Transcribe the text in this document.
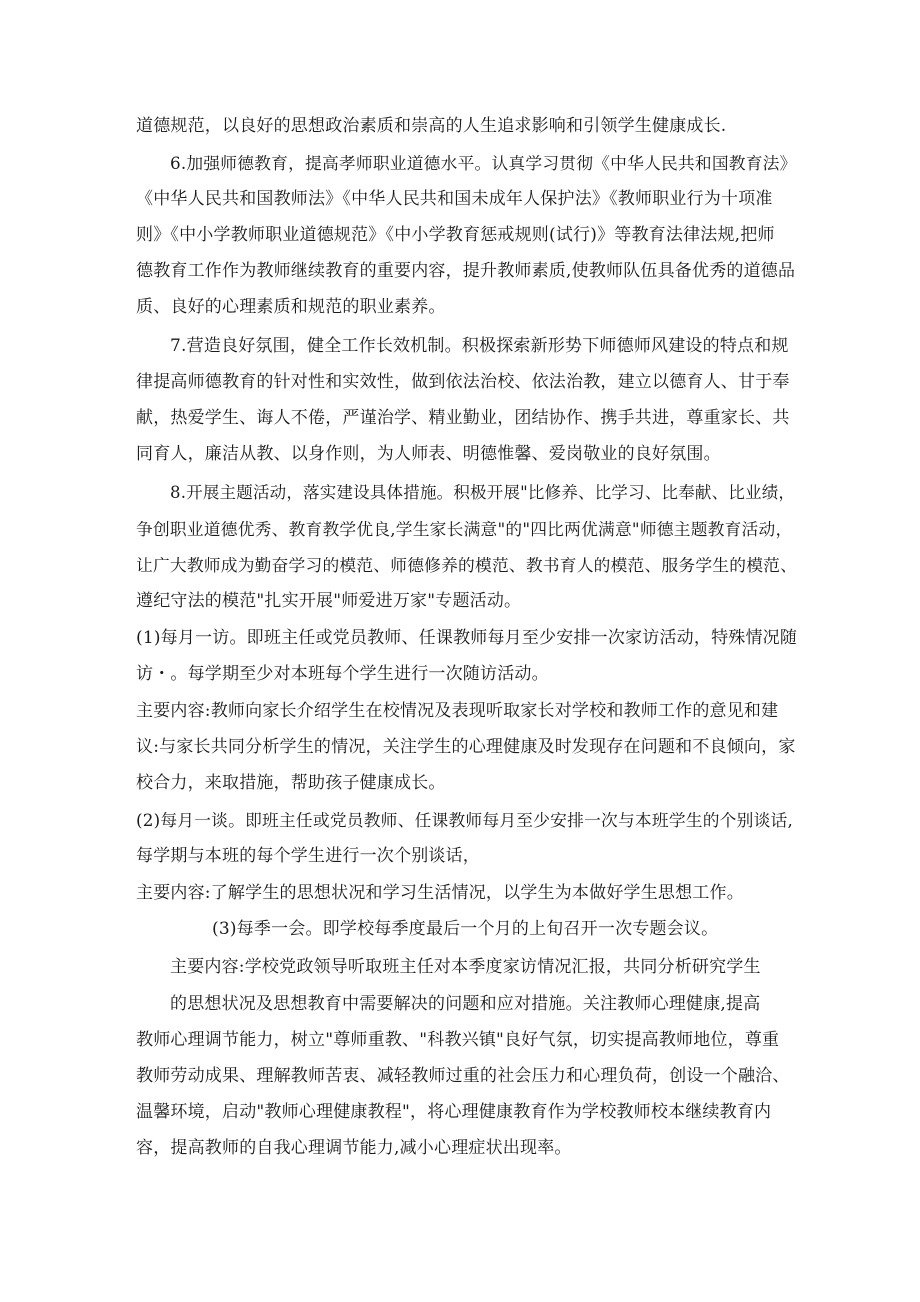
道德规范，以良好的思想政治素质和崇高的人生追求影响和引领学生健康成长.
6.加强师德教育，提高孝师职业道德水平。认真学习贯彻《中华人民共和国教育法》
《中华人民共和国教师法》《中华人民共和国未成年人保护法》《教师职业行为十项准
则》《中小学教师职业道德规范》《中小学教育惩戒规则(试行)》等教育法律法规,把师
德教育工作作为教师继续教育的重要内容，提升教师素质,使教师队伍具备优秀的道德品
质、良好的心理素质和规范的职业素养。
7.营造良好氛围，健全工作长效机制。积极探索新形势下师德师风建设的特点和规
律提高师德教育的针对性和实效性，做到依法治校、依法治教，建立以德育人、甘于奉
献，热爱学生、诲人不倦，严谨治学、精业勤业，团结协作、携手共进，尊重家长、共
同育人，廉洁从教、以身作则，为人师表、明德惟馨、爱岗敬业的良好氛围。
8.开展主题活动，落实建设具体措施。积极开展"比修养、比学习、比奉献、比业绩，
争创职业道德优秀、教育教学优良,学生家长满意"的"四比两优满意"师德主题教育活动，
让广大教师成为勤奋学习的模范、师德修养的模范、教书育人的模范、服务学生的模范、
遵纪守法的模范"扎实开展"师爱进万家"专题活动。
(1)每月一访。即班主任或党员教师、任课教师每月至少安排一次家访活动，特殊情况随
访・。每学期至少对本班每个学生进行一次随访活动。
主要内容:教师向家长介绍学生在校情况及表现听取家长对学校和教师工作的意见和建
议:与家长共同分析学生的情况，关注学生的心理健康及时发现存在问题和不良倾向，家
校合力，来取措施，帮助孩子健康成长。
(2)每月一谈。即班主任或党员教师、任课教师每月至少安排一次与本班学生的个别谈话,
每学期与本班的每个学生进行一次个别谈话，
主要内容:了解学生的思想状况和学习生活情况，以学生为本做好学生思想工作。
(3)每季一会。即学校每季度最后一个月的上旬召开一次专题会议。
主要内容:学校党政领导听取班主任对本季度家访情况汇报，共同分析研究学生
的思想状况及思想教育中需要解决的问题和应对措施。关注教师心理健康,提高
教师心理调节能力，树立"尊师重教、"科教兴镇"良好气氛，切实提高教师地位，尊重
教师劳动成果、理解教师苦衷、减轻教师过重的社会压力和心理负荷，创设一个融洽、
温馨环境，启动"教师心理健康教程"，将心理健康教育作为学校教师校本继续教育内
容，提高教师的自我心理调节能力,减小心理症状出现率。
